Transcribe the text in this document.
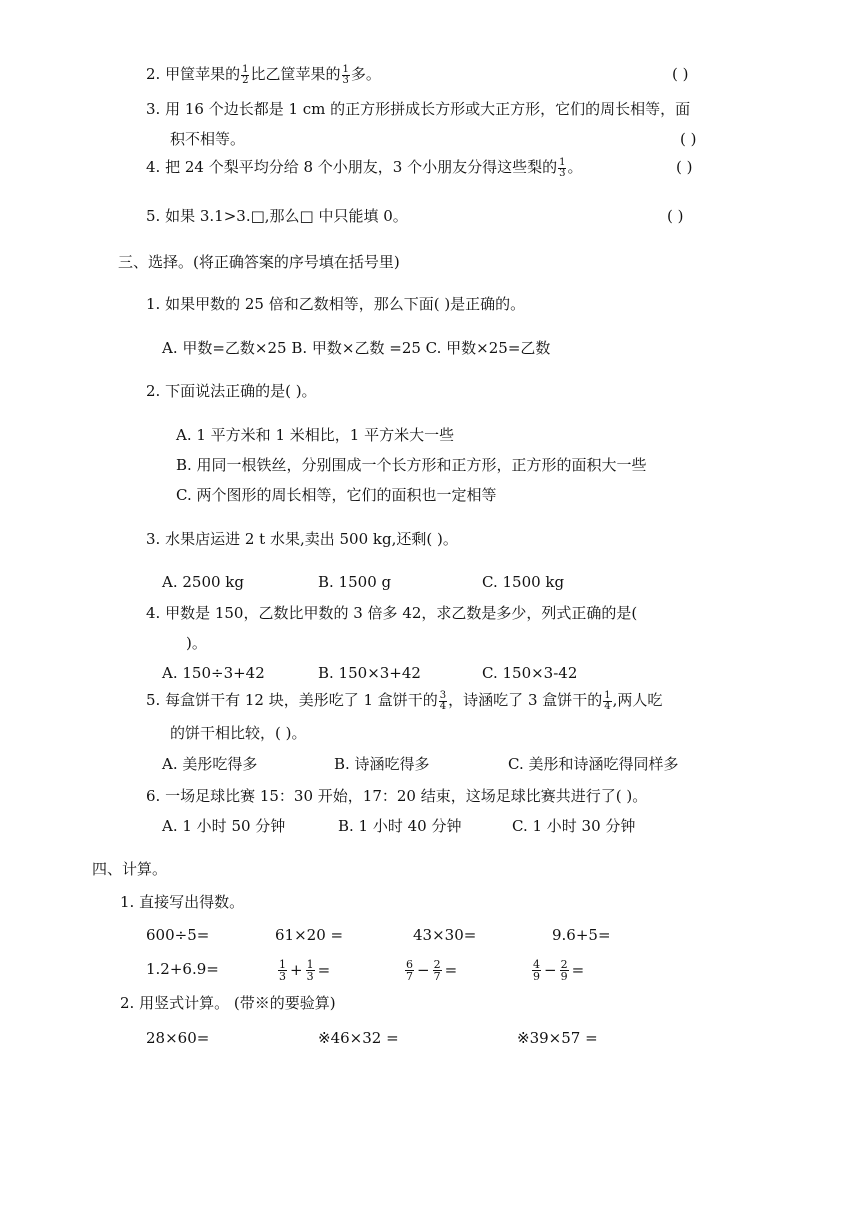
2. 甲筐苹果的 $\frac{1}{2}$ 比乙筐苹果的 $\frac{1}{3}$ 多。	( )
3. 用 16 个边长都是 1 cm 的正方形拼成长方形或大正方形，它们的周长相等，面
积不相等。	( )
4. 把 24 个梨平均分给 8 个小朋友，3 个小朋友分得这些梨的 $\frac{1}{3}$ 。	( )
5. 如果 3.1>3.□,那么□ 中只能填 0。	( )
三、选择。(将正确答案的序号填在括号里)
1. 如果甲数的 25 倍和乙数相等，那么下面( )是正确的。
A. 甲数=乙数×25 B. 甲数×乙数 =25 C. 甲数×25=乙数
2. 下面说法正确的是( )。
A. 1 平方米和 1 米相比，1 平方米大一些
B. 用同一根铁丝，分别围成一个长方形和正方形，正方形的面积大一些
C. 两个图形的周长相等，它们的面积也一定相等
3. 水果店运进 2 t 水果,卖出 500 kg,还剩( )。
A. 2500 kg	B. 1500 g	C. 1500 kg
4. 甲数是 150，乙数比甲数的 3 倍多 42，求乙数是多少，列式正确的是(
)。
A. 150÷3+42	B. 150×3+42	C. 150×3-42
5. 每盒饼干有 12 块，美彤吃了 1 盒饼干的 $\frac{3}{4}$ ，诗涵吃了 3 盒饼干的 $\frac{1}{4}$ ,两人吃
的饼干相比较，( )。
A. 美彤吃得多	B. 诗涵吃得多	C. 美彤和诗涵吃得同样多
6. 一场足球比赛 15：30 开始，17：20 结束，这场足球比赛共进行了( )。
A. 1 小时 50 分钟	B. 1 小时 40 分钟	C. 1 小时 30 分钟
四、计算。
1. 直接写出得数。
600÷5=	61×20 =	43×30=	9.6+5=
1.2+6.9=	$\frac{1}{3} + \frac{1}{3}$ =	$\frac{6}{7} - \frac{2}{7}$ =	$\frac{4}{9} - \frac{2}{9}$ =
2. 用竖式计算。 (带※的要验算)
28×60=	※46×32 =	※39×57 =
